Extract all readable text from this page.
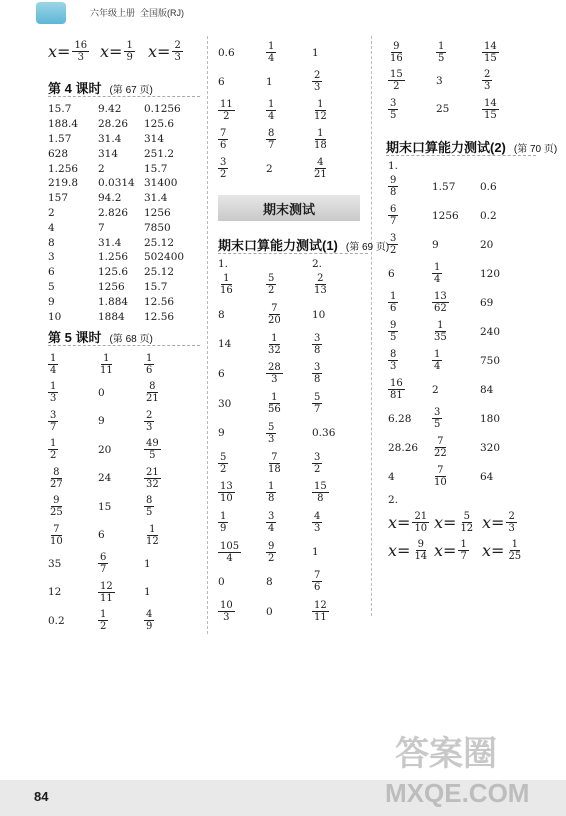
六年级上册 全国版(RJ)
$x= \frac{16}{3} x= \frac{1}{9} x= \frac{2}{3}$
第 4 课时 (第 67 页)
15.7	9.42 0.1256
188.4 28.26 125.6
1.57	31.4 314
628	314 251.2
1.256 2	15.7
219.8 0.0314 31400
157	94.2 31.4
2	2.826 1256
4	7	7850
8	31.4 25.12
3	1.256 502400
6	125.6 25.12
5	1256 15.7
9	1.884 12.56
10	1884 12.56
第 5 课时 (第 68 页)
$\frac{1}{4}$	$\frac{1}{11}$	$\frac{1}{6}$
$\frac{1}{3}$	0	$\frac{8}{21}$
$\frac{3}{7}$	9	$\frac{2}{3}$
$\frac{1}{2}$	20	$\frac{49}{5}$
$\frac{8}{27}$	24	$\frac{21}{32}$
$\frac{9}{25}$	15	$\frac{8}{5}$
$\frac{7}{10}$	6	$\frac{1}{12}$
35	$\frac{6}{7}$	1
12	$\frac{12}{11}$	1
0.2	$\frac{1}{2}$	$\frac{4}{9}$
0.6	$\frac{1}{4}$	1
6	1	$\frac{2}{3}$
$\frac{11}{2}$	$\frac{1}{4}$	$\frac{1}{12}$
$\frac{7}{6}$	$\frac{8}{7}$	$\frac{1}{18}$
$\frac{3}{2}$	2	$\frac{4}{21}$
期末测试
期末口算能力测试(1) (第 69 页)
1.	2.
$\frac{1}{16}$	$\frac{5}{2}$	$\frac{2}{13}$
8	$\frac{7}{20}$	10
14	$\frac{1}{32}$	$\frac{3}{8}$
6	$\frac{28}{3}$	$\frac{3}{8}$
30	$\frac{1}{56}$	$\frac{5}{7}$
9	$\frac{5}{3}$	0.36
$\frac{5}{2}$	$\frac{7}{18}$	$\frac{3}{2}$
$\frac{13}{10}$	$\frac{1}{8}$	$\frac{15}{8}$
$\frac{1}{9}$	$\frac{3}{4}$	$\frac{4}{3}$
$\frac{105}{4} \frac{9}{2}$	1
0	8	$\frac{7}{6}$
$\frac{10}{3}$	0	$\frac{12}{11}$
$\frac{9}{16}$	$\frac{1}{5}$	$\frac{14}{15}$
$\frac{15}{2}$	3	$\frac{2}{3}$
$\frac{3}{5}$	25	$\frac{14}{15}$
期末口算能力测试(2) (第 70 页)
1.
$\frac{9}{8}$	1.57 0.6
$\frac{6}{7}$	1256 0.2
$\frac{3}{2}$	9	20
6	$\frac{1}{4}$	120
$\frac{1}{6}$	$\frac{13}{62}$	69
$\frac{9}{5}$	$\frac{1}{35}$	240
$\frac{8}{3}$	$\frac{1}{4}$	750
$\frac{16}{81}$	2	84
$6.28 \frac{3}{5}$	180
$28.26 \frac{7}{22}$	320
4	$\frac{7}{10}$	64
2.
$x= \frac{21}{10} x= \frac{5}{12} x= \frac{2}{3}$
$x= \frac{9}{14} x= \frac{1}{7} x= \frac{1}{25}$
答案圈
MXQE.COM
84
